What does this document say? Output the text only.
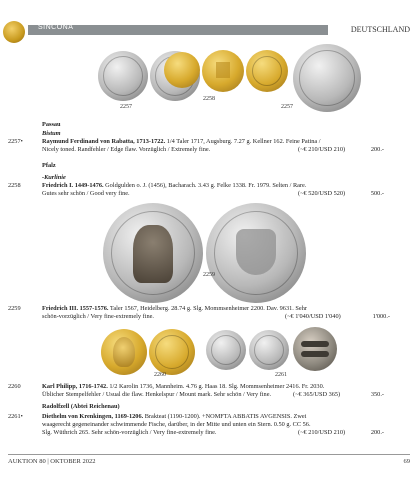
SINCONA	DEUTSCHLAND
2257
2258
2257
Passau
Bistum
2257•	Raymund Ferdinand von Rabatta, 1713-1722. 1/4 Taler 1717, Augsburg. 7.27 g. Kellner 162. Feine Patina /
Nicely toned. Randfehler / Edge flaw. Vorzüglich / Extremely fine.	(~€ 210/USD 210)	200.-
Pfalz
-Kurlinie
2258	Friedrich I. 1449-1476. Goldgulden o. J. (1456), Bacharach. 3.43 g. Felke 1338. Fr. 1979. Selten / Rare.
Gutes sehr schön / Good very fine.	(~€ 520/USD 520)	500.-
2259
2259	Friedrich III. 1557-1576. Taler 1567, Heidelberg. 28.74 g. Slg. Mommsenheimer 2200. Dav. 9631. Sehr
schön-vorzüglich / Very fine-extremely fine.	(~€ 1'040/USD 1'040)	1'000.-
2260	2261
2260	Karl Philipp, 1716-1742. 1/2 Karolin 1736, Mannheim. 4.76 g. Haas 18. Slg. Mommsenheimer 2416. Fr. 2030.
Üblicher Stempelfehler / Usual die flaw. Henkelspur / Mount mark. Sehr schön / Very fine.	(~€ 365/USD 365)	350.-
Radolfzell (Abtei Reichenau)
2261•	Diethelm von Krenkingen, 1169-1206. Brakteat (1190-1200). +NOMFTA ABBATIS AVGENSIS. Zwei
waagerecht gegeneinander schwimmende Fische, darüber, in der Mitte und unten ein Stern. 0.50 g. CC 56.
Slg. Wüthrich 265. Sehr schön-vorzüglich / Very fine-extremely fine.	(~€ 210/USD 210)	200.-
AUKTION 80 | OKTOBER 2022	69
